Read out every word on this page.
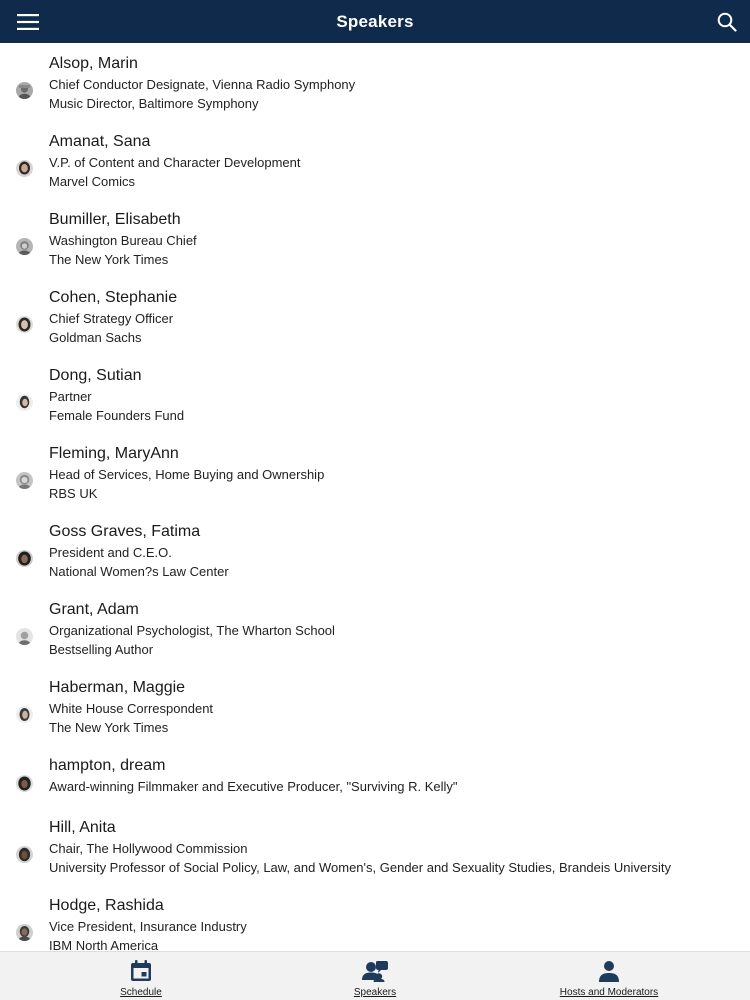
Speakers
Alsop, Marin
Chief Conductor Designate, Vienna Radio Symphony
Music Director, Baltimore Symphony
Amanat, Sana
V.P. of Content and Character Development
Marvel Comics
Bumiller, Elisabeth
Washington Bureau Chief
The New York Times
Cohen, Stephanie
Chief Strategy Officer
Goldman Sachs
Dong, Sutian
Partner
Female Founders Fund
Fleming, MaryAnn
Head of Services, Home Buying and Ownership
RBS UK
Goss Graves, Fatima
President and C.E.O.
National Women?s Law Center
Grant, Adam
Organizational Psychologist, The Wharton School
Bestselling Author
Haberman, Maggie
White House Correspondent
The New York Times
hampton, dream
Award-winning Filmmaker and Executive Producer, "Surviving R. Kelly"
Hill, Anita
Chair, The Hollywood Commission
University Professor of Social Policy, Law, and Women's, Gender and Sexuality Studies, Brandeis University
Hodge, Rashida
Vice President, Insurance Industry
IBM North America
Schedule	Speakers	Hosts and Moderators
